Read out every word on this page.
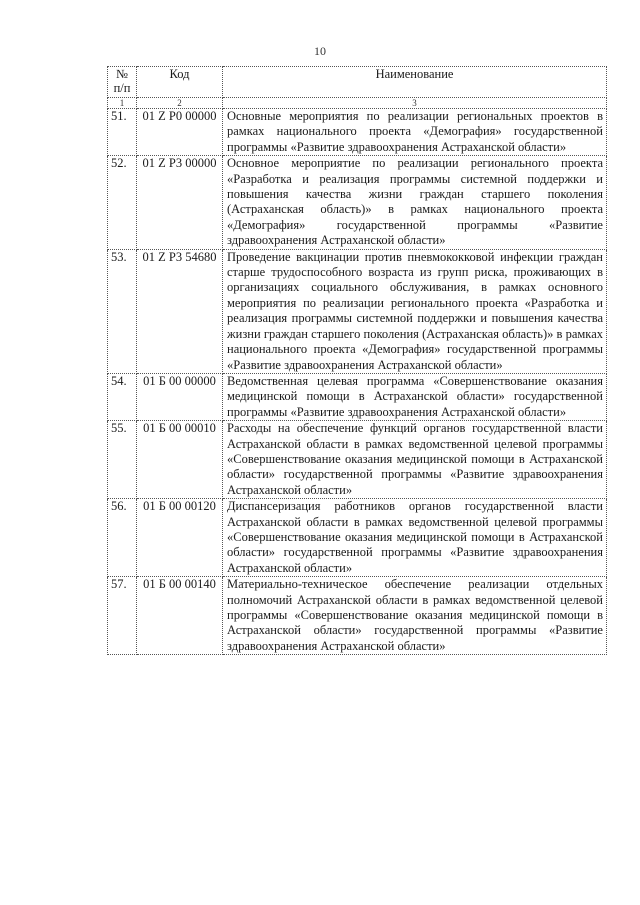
10
№ п/п	Код	Наименование
1	2	3
51.	01 Z P0 00000	Основные мероприятия по реализации региональных проектов в рамках национального проекта «Демография» государственной программы «Развитие здравоохранения Астраханской области»
52.	01 Z P3 00000	Основное мероприятие по реализации регионального проекта «Разработка и реализация программы системной поддержки и повышения качества жизни граждан старшего поколения (Астраханская область)» в рамках национального проекта «Демография» государственной программы «Развитие здравоохранения Астраханской области»
53.	01 Z P3 54680	Проведение вакцинации против пневмококковой инфекции граждан старше трудоспособного возраста из групп риска, проживающих в организациях социального обслуживания, в рамках основного мероприятия по реализации регионального проекта «Разработка и реализация программы системной поддержки и повышения качества жизни граждан старшего поколения (Астраханская область)» в рамках национального проекта «Демография» государственной программы «Развитие здравоохранения Астраханской области»
54.	01 Б 00 00000	Ведомственная целевая программа «Совершенствование оказания медицинской помощи в Астраханской области» государственной программы «Развитие здравоохранения Астраханской области»
55.	01 Б 00 00010	Расходы на обеспечение функций органов государственной власти Астраханской области в рамках ведомственной целевой программы «Совершенствование оказания медицинской помощи в Астраханской области» государственной программы «Развитие здравоохранения Астраханской области»
56.	01 Б 00 00120	Диспансеризация работников органов государственной власти Астраханской области в рамках ведомственной целевой программы «Совершенствование оказания медицинской помощи в Астраханской области» государственной программы «Развитие здравоохранения Астраханской области»
57.	01 Б 00 00140	Материально-техническое обеспечение реализации отдельных полномочий Астраханской области в рамках ведомственной целевой программы «Совершенствование оказания медицинской помощи в Астраханской области» государственной программы «Развитие здравоохранения Астраханской области»
